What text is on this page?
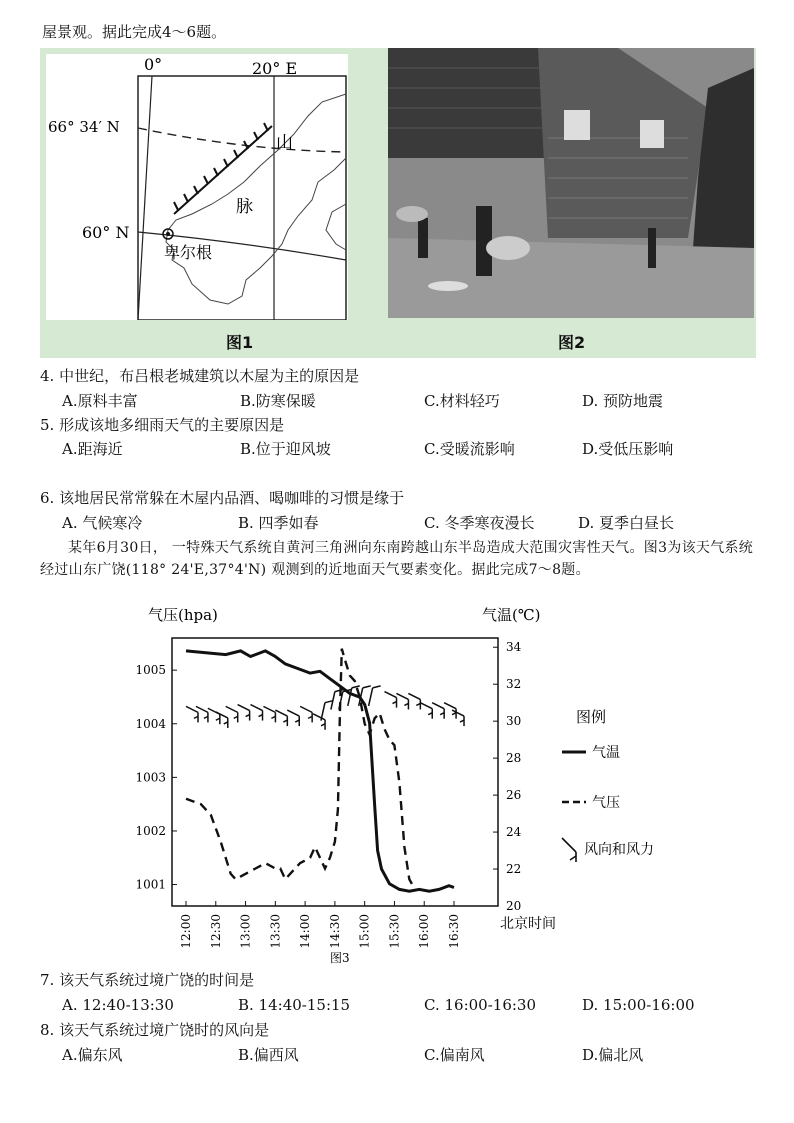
屋景观。据此完成4～6题。
0°	20° E
66° 34′ N
60° N
山
脉
卑尔根
图1	图2
4. 中世纪，布吕根老城建筑以木屋为主的原因是
A.原料丰富	B.防寒保暖	C.材料轻巧	D. 预防地震
5. 形成该地多细雨天气的主要原因是
A.距海近	B.位于迎风坡	C.受暖流影响	D.受低压影响
6. 该地居民常常躲在木屋内品酒、喝咖啡的习惯是缘于
A. 气候寒冷	B. 四季如春	C. 冬季寒夜漫长	D. 夏季白昼长
某年6月30日， 一特殊天气系统自黄河三角洲向东南跨越山东半岛造成大范围灾害性天气。图3为该天气系统经过山东广饶(118° 24'E,37°4'N) 观测到的近地面天气要素变化。据此完成7～8题。
气压(hpa)	气温(℃)
北京时间
图3
1001
1002
1003
1004
1005
20
22
24
26
28
30
32
34
12:00 12:30 13:00 13:30 14:00 14:30 15:00 15:30 16:00 16:30
图例
气温
气压
风向和风力
7. 该天气系统过境广饶的时间是
A. 12:40-13:30	B. 14:40-15:15	C. 16:00-16:30	D. 15:00-16:00
8. 该天气系统过境广饶时的风向是
A.偏东风	B.偏西风	C.偏南风	D.偏北风
